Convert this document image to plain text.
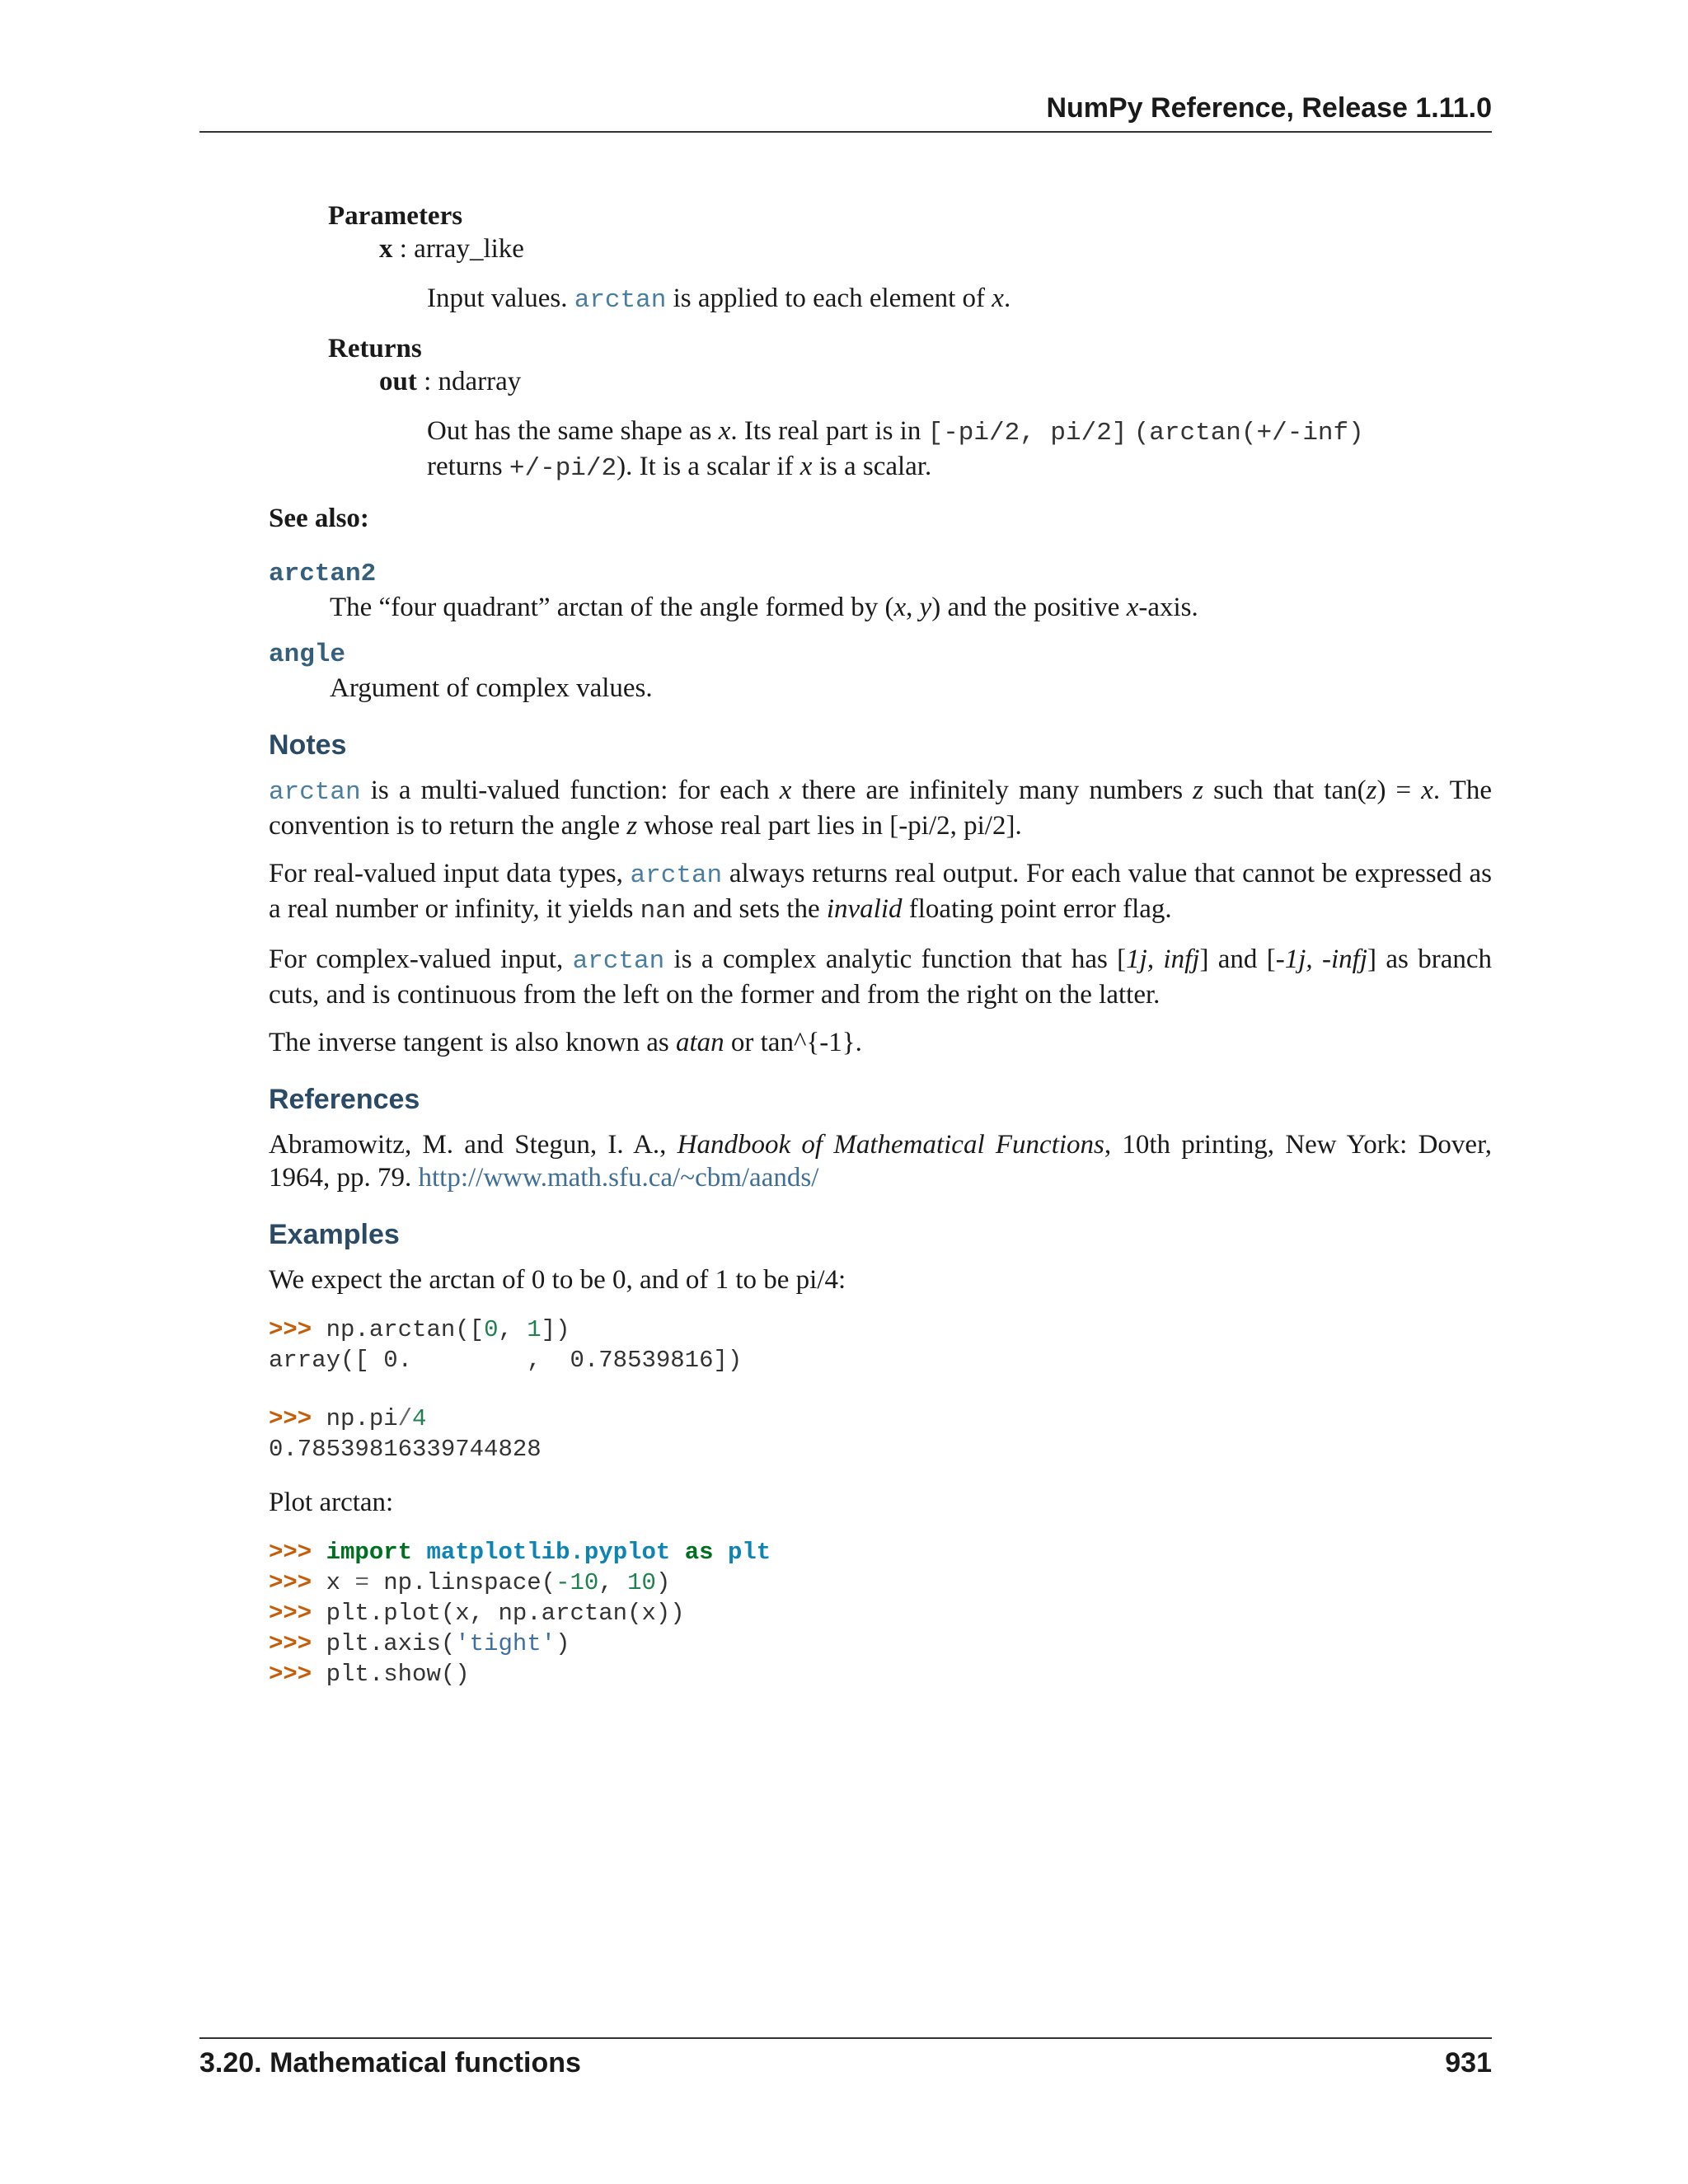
NumPy Reference, Release 1.11.0
Parameters
x : array_like
Input values. arctan is applied to each element of x.
Returns
out : ndarray
Out has the same shape as x. Its real part is in [-pi/2, pi/2] (arctan(+/-inf)
returns +/-pi/2). It is a scalar if x is a scalar.
See also:
arctan2
The “four quadrant” arctan of the angle formed by (x, y) and the positive x-axis.
angle
Argument of complex values.
Notes

arctan is a multi-valued function: for each x there are infinitely many numbers z such that tan(z) = x. The convention is to return the angle z whose real part lies in [-pi/2, pi/2].

For real-valued input data types, arctan always returns real output. For each value that cannot be expressed as a real number or infinity, it yields nan and sets the invalid floating point error flag.

For complex-valued input, arctan is a complex analytic function that has [1j, infj] and [-1j, -infj] as branch cuts, and is continuous from the left on the former and from the right on the latter.

The inverse tangent is also known as atan or tan^{-1}.

References

Abramowitz, M. and Stegun, I. A., Handbook of Mathematical Functions, 10th printing, New York: Dover, 1964, pp. 79. http://www.math.sfu.ca/~cbm/aands/

Examples

We expect the arctan of 0 to be 0, and of 1 to be pi/4:

>>> np.arctan([0, 1])
array([ 0.        ,  0.78539816])
>>> np.pi/4
0.78539816339744828

Plot arctan:

>>> import matplotlib.pyplot as plt
>>> x = np.linspace(-10, 10)
>>> plt.plot(x, np.arctan(x))
>>> plt.axis('tight')
>>> plt.show()
3.20. Mathematical functions	931
